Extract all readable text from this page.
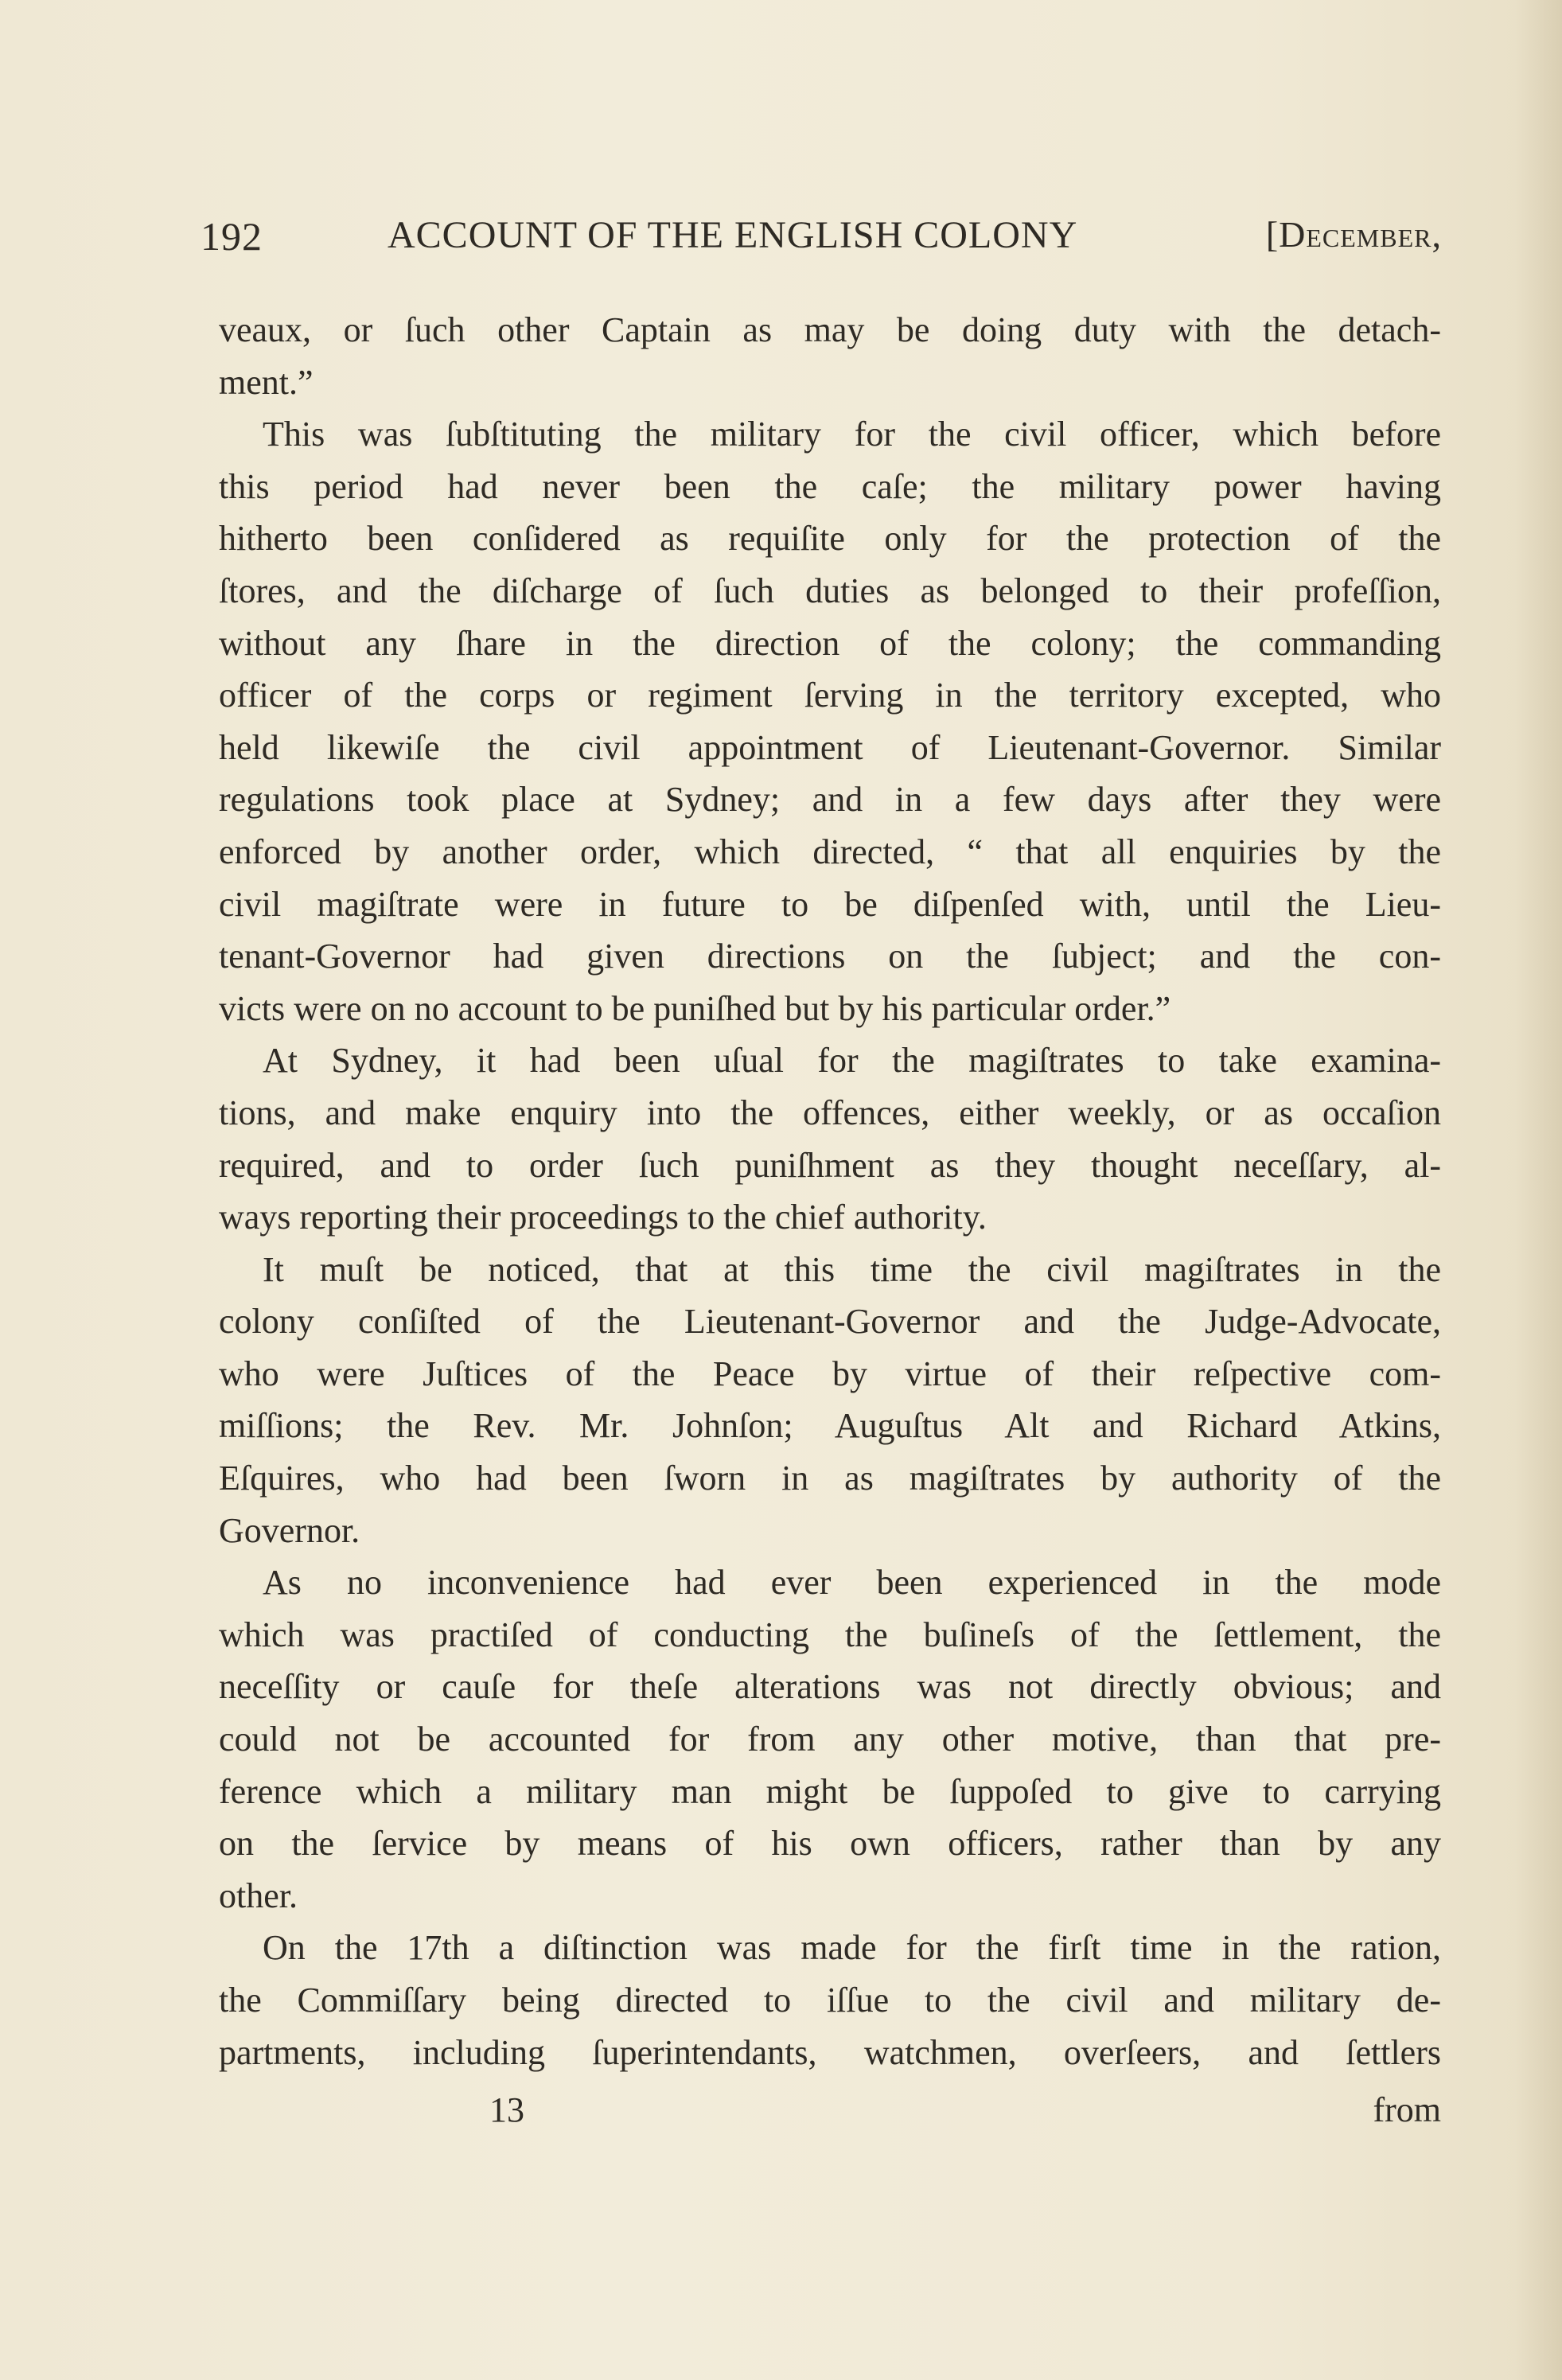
192	ACCOUNT OF THE ENGLISH COLONY	[December,
veaux, or ſuch other Captain as may be doing duty with the detach-
ment.”
This was ſubſtituting the military for the civil officer, which before
this period had never been the caſe; the military power having
hitherto been conſidered as requiſite only for the protection of the
ſtores, and the diſcharge of ſuch duties as belonged to their profeſſion,
without any ſhare in the direction of the colony; the commanding
officer of the corps or regiment ſerving in the territory excepted, who
held likewiſe the civil appointment of Lieutenant-Governor. Similar
regulations took place at Sydney; and in a few days after they were
enforced by another order, which directed, “ that all enquiries by the
civil magiſtrate were in future to be diſpenſed with, until the Lieu-
tenant-Governor had given directions on the ſubject; and the con-
victs were on no account to be puniſhed but by his particular order.”
At Sydney, it had been uſual for the magiſtrates to take examina-
tions, and make enquiry into the offences, either weekly, or as occaſion
required, and to order ſuch puniſhment as they thought neceſſary, al-
ways reporting their proceedings to the chief authority.
It muſt be noticed, that at this time the civil magiſtrates in the
colony conſiſted of the Lieutenant-Governor and the Judge-Advocate,
who were Juſtices of the Peace by virtue of their reſpective com-
miſſions; the Rev. Mr. Johnſon; Auguſtus Alt and Richard Atkins,
Eſquires, who had been ſworn in as magiſtrates by authority of the
Governor.
As no inconvenience had ever been experienced in the mode
which was practiſed of conducting the buſineſs of the ſettlement, the
neceſſity or cauſe for theſe alterations was not directly obvious; and
could not be accounted for from any other motive, than that pre-
ference which a military man might be ſuppoſed to give to carrying
on the ſervice by means of his own officers, rather than by any
other.
On the 17th a diſtinction was made for the firſt time in the ration,
the Commiſſary being directed to iſſue to the civil and military de-
partments, including ſuperintendants, watchmen, overſeers, and ſettlers
13	from
